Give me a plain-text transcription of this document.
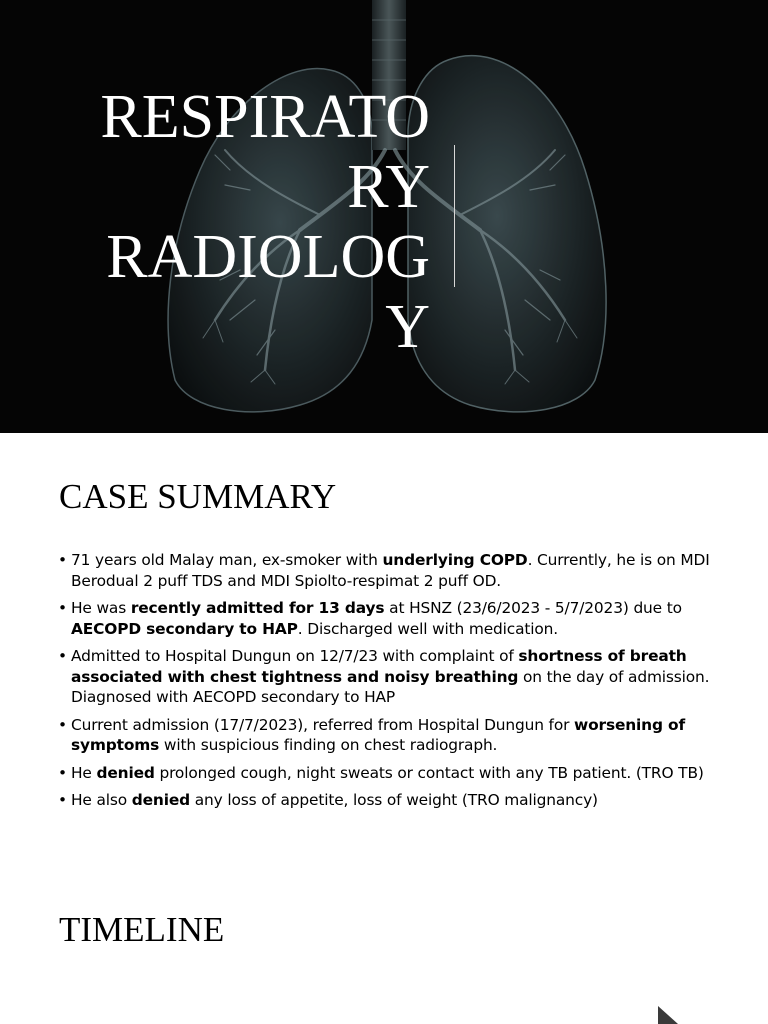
RESPIRATO
RY
RADIOLOG
Y
CASE SUMMARY
• 71 years old Malay man, ex-smoker with underlying COPD. Currently, he is on MDI Berodual 2 puff TDS and MDI Spiolto-respimat 2 puff OD.
• He was recently admitted for 13 days at HSNZ (23/6/2023 - 5/7/2023) due to AECOPD secondary to HAP. Discharged well with medication.
• Admitted to Hospital Dungun on 12/7/23 with complaint of shortness of breath associated with chest tightness and noisy breathing on the day of admission. Diagnosed with AECOPD secondary to HAP
• Current admission (17/7/2023), referred from Hospital Dungun for worsening of symptoms with suspicious finding on chest radiograph.
• He denied prolonged cough, night sweats or contact with any TB patient. (TRO TB)
• He also denied any loss of appetite, loss of weight (TRO malignancy)
TIMELINE
